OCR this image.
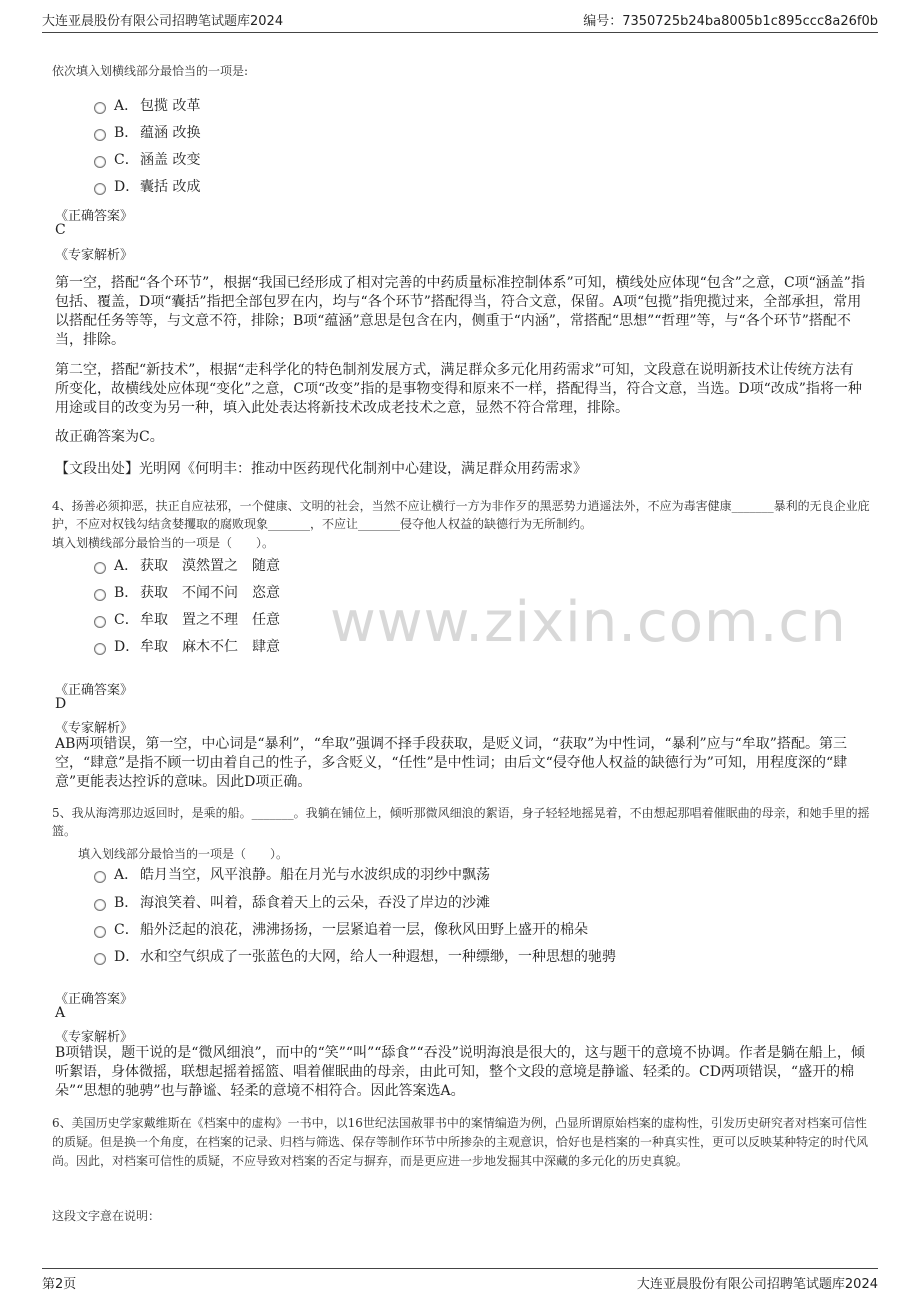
大连亚晨股份有限公司招聘笔试题库2024	编号：7350725b24ba8005b1c895ccc8a26f0b
www.zixin.com.cn
依次填入划横线部分最恰当的一项是:
A． 包揽 改革
B． 蕴涵 改换
C． 涵盖 改变
D． 囊括 改成
《正确答案》
C
《专家解析》
第一空，搭配“各个环节”，根据“我国已经形成了相对完善的中药质量标准控制体系”可知，横线处应体现“包含”之意，C项“涵盖”指包括、覆盖，D项“囊括”指把全部包罗在内，均与“各个环节”搭配得当，符合文意，保留。A项“包揽”指兜揽过来，全部承担，常用以搭配任务等等，与文意不符，排除；B项“蕴涵”意思是包含在内，侧重于“内涵”，常搭配“思想”“哲理”等，与“各个环节”搭配不当，排除。
第二空，搭配“新技术”，根据“走科学化的特色制剂发展方式，满足群众多元化用药需求”可知，文段意在说明新技术让传统方法有所变化，故横线处应体现“变化”之意，C项“改变”指的是事物变得和原来不一样，搭配得当，符合文意，当选。D项“改成”指将一种用途或目的改变为另一种，填入此处表达将新技术改成老技术之意，显然不符合常理，排除。
故正确答案为C。
【文段出处】光明网《何明丰：推动中医药现代化制剂中心建设，满足群众用药需求》
4、扬善必须抑恶，扶正自应祛邪，一个健康、文明的社会，当然不应让横行一方为非作歹的黑恶势力逍遥法外，不应为毒害健康_______暴利的无良企业庇护，不应对权钱勾结贪婪攫取的腐败现象_______，不应让_______侵夺他人权益的缺德行为无所制约。
填入划横线部分最恰当的一项是（　　）。
A． 获取　漠然置之　随意
B． 获取　不闻不问　恣意
C． 牟取　置之不理　任意
D． 牟取　麻木不仁　肆意
《正确答案》
D
《专家解析》
AB两项错误，第一空，中心词是“暴利”，“牟取”强调不择手段获取，是贬义词，“获取”为中性词，“暴利”应与“牟取”搭配。第三空，“肆意”是指不顾一切由着自己的性子，多含贬义，“任性”是中性词；由后文“侵夺他人权益的缺德行为”可知，用程度深的“肆意”更能表达控诉的意味。因此D项正确。
5、我从海湾那边返回时，是乘的船。_______。我躺在铺位上，倾听那微风细浪的絮语，身子轻轻地摇晃着，不由想起那唱着催眠曲的母亲，和她手里的摇篮。
填入划线部分最恰当的一项是（　　）。
A． 皓月当空，风平浪静。船在月光与水波织成的羽纱中飘荡
B． 海浪笑着、叫着，舔食着天上的云朵，吞没了岸边的沙滩
C． 船外泛起的浪花，沸沸扬扬，一层紧追着一层，像秋风田野上盛开的棉朵
D． 水和空气织成了一张蓝色的大网，给人一种遐想，一种缥缈，一种思想的驰骋
《正确答案》
A
《专家解析》
B项错误，题干说的是“微风细浪”，而中的“笑”“叫”“舔食”“吞没”说明海浪是很大的，这与题干的意境不协调。作者是躺在船上，倾听絮语，身体微摇，联想起摇着摇篮、唱着催眠曲的母亲，由此可知，整个文段的意境是静谧、轻柔的。CD两项错误，“盛开的棉朵”“思想的驰骋”也与静谧、轻柔的意境不相符合。因此答案选A。
6、美国历史学家戴维斯在《档案中的虚构》一书中，以16世纪法国赦罪书中的案情编造为例，凸显所谓原始档案的虚构性，引发历史研究者对档案可信性的质疑。但是换一个角度，在档案的记录、归档与筛选、保存等制作环节中所掺杂的主观意识，恰好也是档案的一种真实性，更可以反映某种特定的时代风尚。因此，对档案可信性的质疑，不应导致对档案的否定与摒弃，而是更应进一步地发掘其中深藏的多元化的历史真貌。
这段文字意在说明：
第2页	大连亚晨股份有限公司招聘笔试题库2024
